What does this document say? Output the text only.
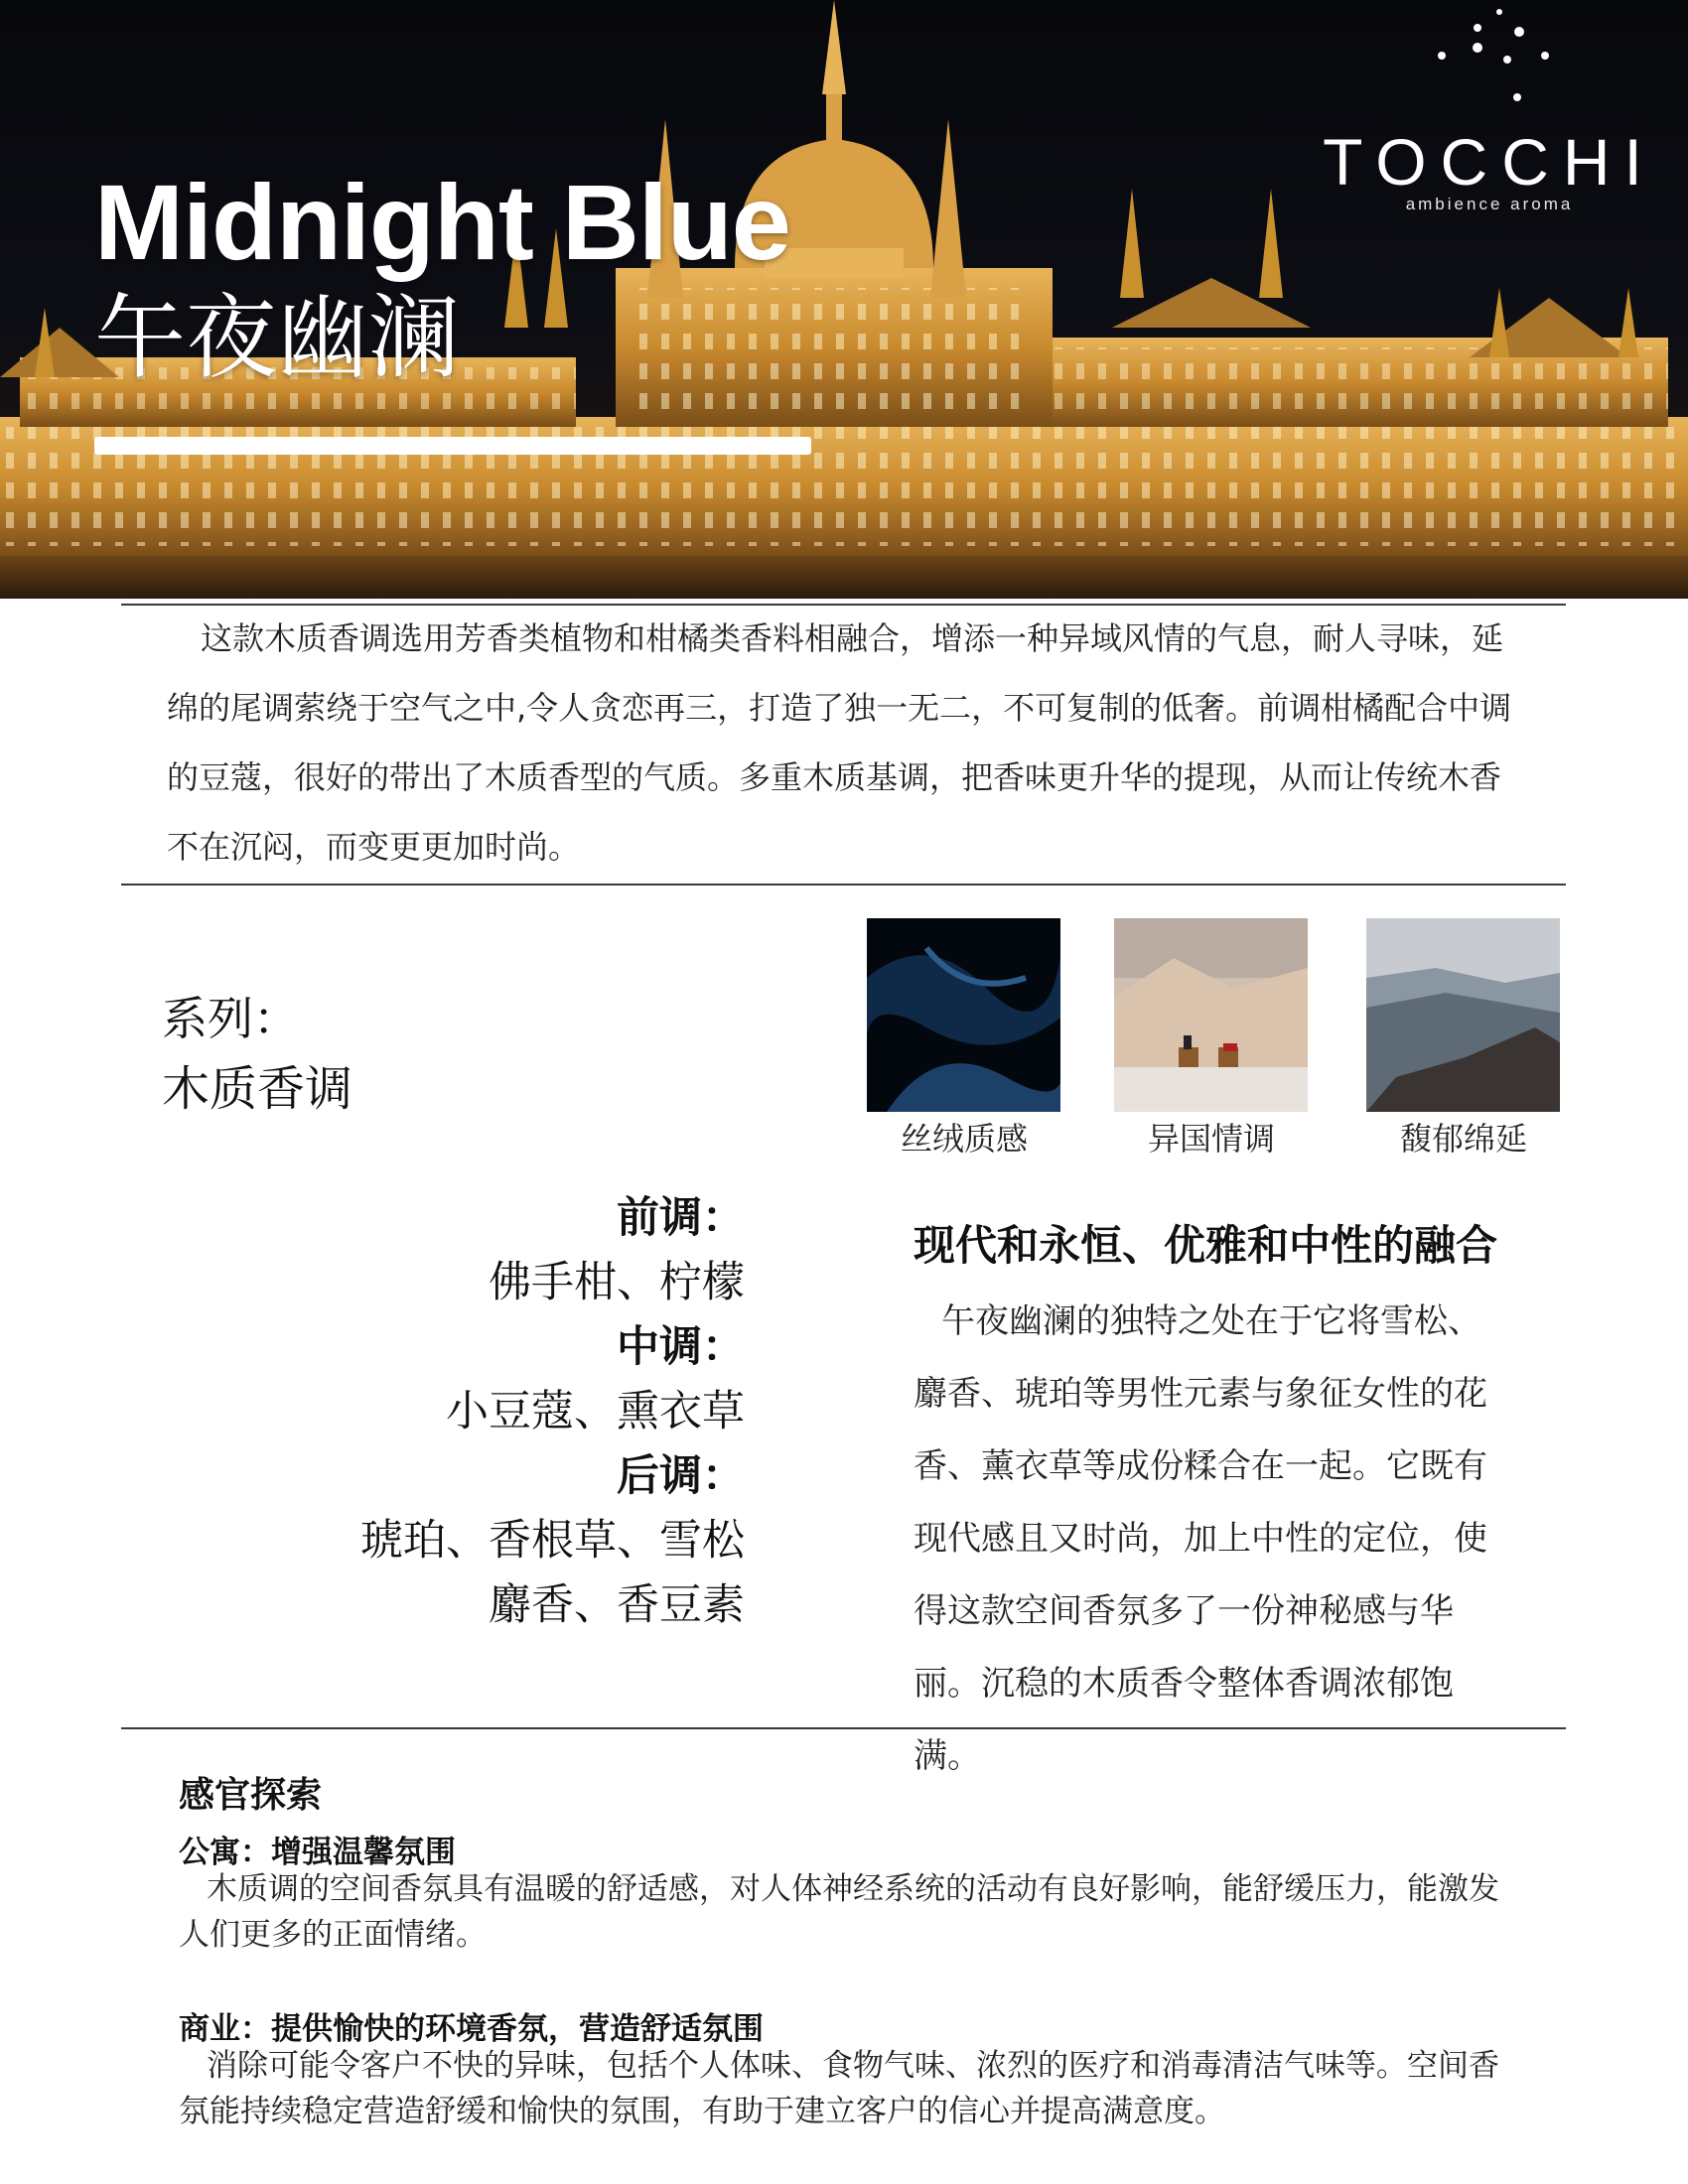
TOCCHI
ambience aroma
Midnight Blue
午夜幽澜

这款木质香调选用芳香类植物和柑橘类香料相融合，增添一种异域风情的气息，耐人寻味，延绵的尾调萦绕于空气之中,令人贪恋再三，打造了独一无二，不可复制的低奢。前调柑橘配合中调的豆蔻，很好的带出了木质香型的气质。多重木质基调，把香味更升华的提现，从而让传统木香不在沉闷，而变更更加时尚。

系列：
木质香调
丝绒质感	异国情调	馥郁绵延
前调：
佛手柑、柠檬
中调：
小豆蔻、熏衣草
后调：
琥珀、香根草、雪松
麝香、香豆素
现代和永恒、优雅和中性的融合

午夜幽澜的独特之处在于它将雪松、麝香、琥珀等男性元素与象征女性的花香、薰衣草等成份糅合在一起。它既有现代感且又时尚，加上中性的定位，使得这款空间香氛多了一份神秘感与华丽。沉稳的木质香令整体香调浓郁饱满。

感官探索
公寓：增强温馨氛围

木质调的空间香氛具有温暖的舒适感，对人体神经系统的活动有良好影响，能舒缓压力，能激发人们更多的正面情绪。

商业：提供愉快的环境香氛，营造舒适氛围

消除可能令客户不快的异味，包括个人体味、食物气味、浓烈的医疗和消毒清洁气味等。空间香氛能持续稳定营造舒缓和愉快的氛围，有助于建立客户的信心并提高满意度。
